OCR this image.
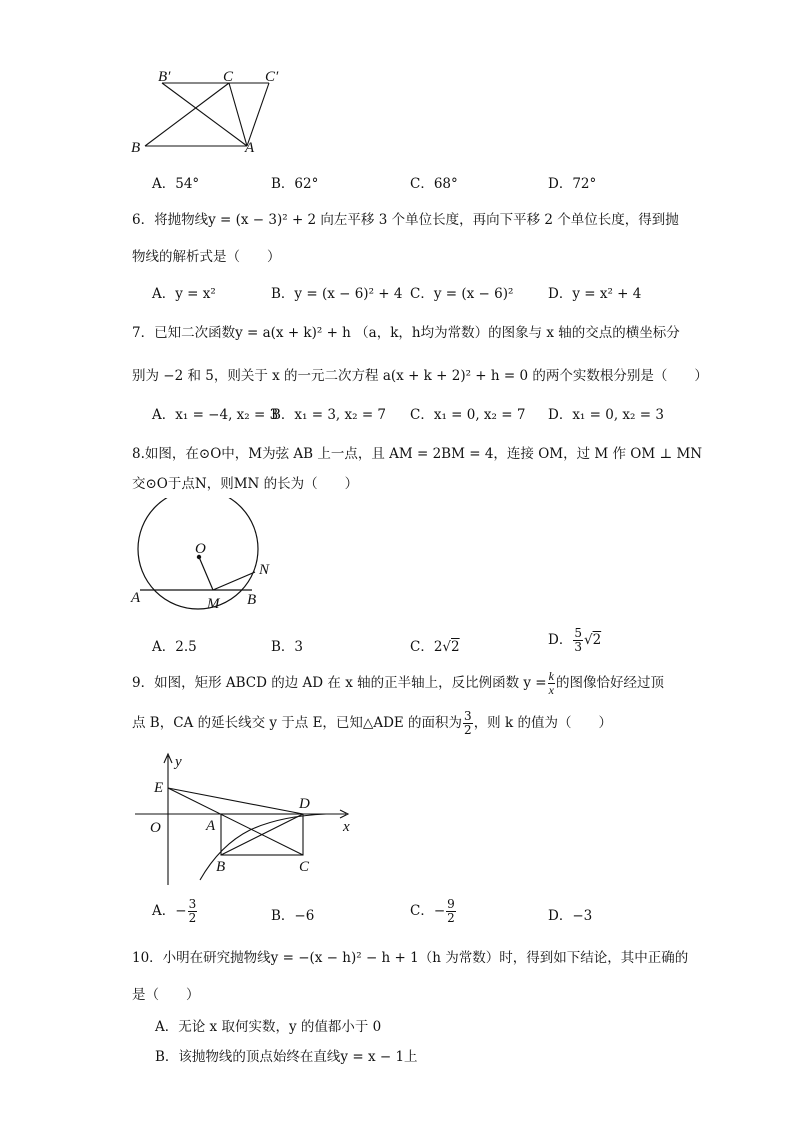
B′	C C′
B	A
A．54°	B．62°	C．68°	D．72°
6．将抛物线y = (x − 3)² + 2 向左平移 3 个单位长度，再向下平移 2 个单位长度，得到抛
物线的解析式是（　　）
A．y = x²	B．y = (x − 6)² + 4 C．y = (x − 6)²	D．y = x² + 4
7．已知二次函数y = a(x + k)² + h （a，k，h均为常数）的图象与 x 轴的交点的横坐标分
别为 −2 和 5，则关于 x 的一元二次方程 a(x + k + 2)² + h = 0 的两个实数根分别是（　　）
A．x₁ = −4, x₂ = 3
B．x₁ = 3, x₂ = 7 C．x₁ = 0, x₂ = 7 D．x₁ = 0, x₂ = 3
8.如图，在⊙O中，M为弦 AB 上一点，且 AM = 2BM = 4，连接 OM，过 M 作 OM ⊥ MN
交⊙O于点N，则MN 的长为（　　）
O
N
A	M B
A．2.5	B．3	C．2√2	D． $\frac{5}{3} √2$
9．如图，矩形 ABCD 的边 AD 在 x 轴的正半轴上，反比例函数 $y = \frac{k}{x}$ 的图像恰好经过顶
点 B，CA 的延长线交 y 于点 E，已知△ADE 的面积为 $\frac{3}{2}$ ，则 k 的值为（　　）
y
E
D
O	A	x
B	C
A．− $\frac{3}{2}$	B．−6	C．− $\frac{9}{2}$	D．−3
10．小明在研究抛物线y = −(x − h)² − h + 1（h 为常数）时，得到如下结论，其中正确的
是（　　）
A．无论 x 取何实数，y 的值都小于 0
B．该抛物线的顶点始终在直线y = x − 1上
